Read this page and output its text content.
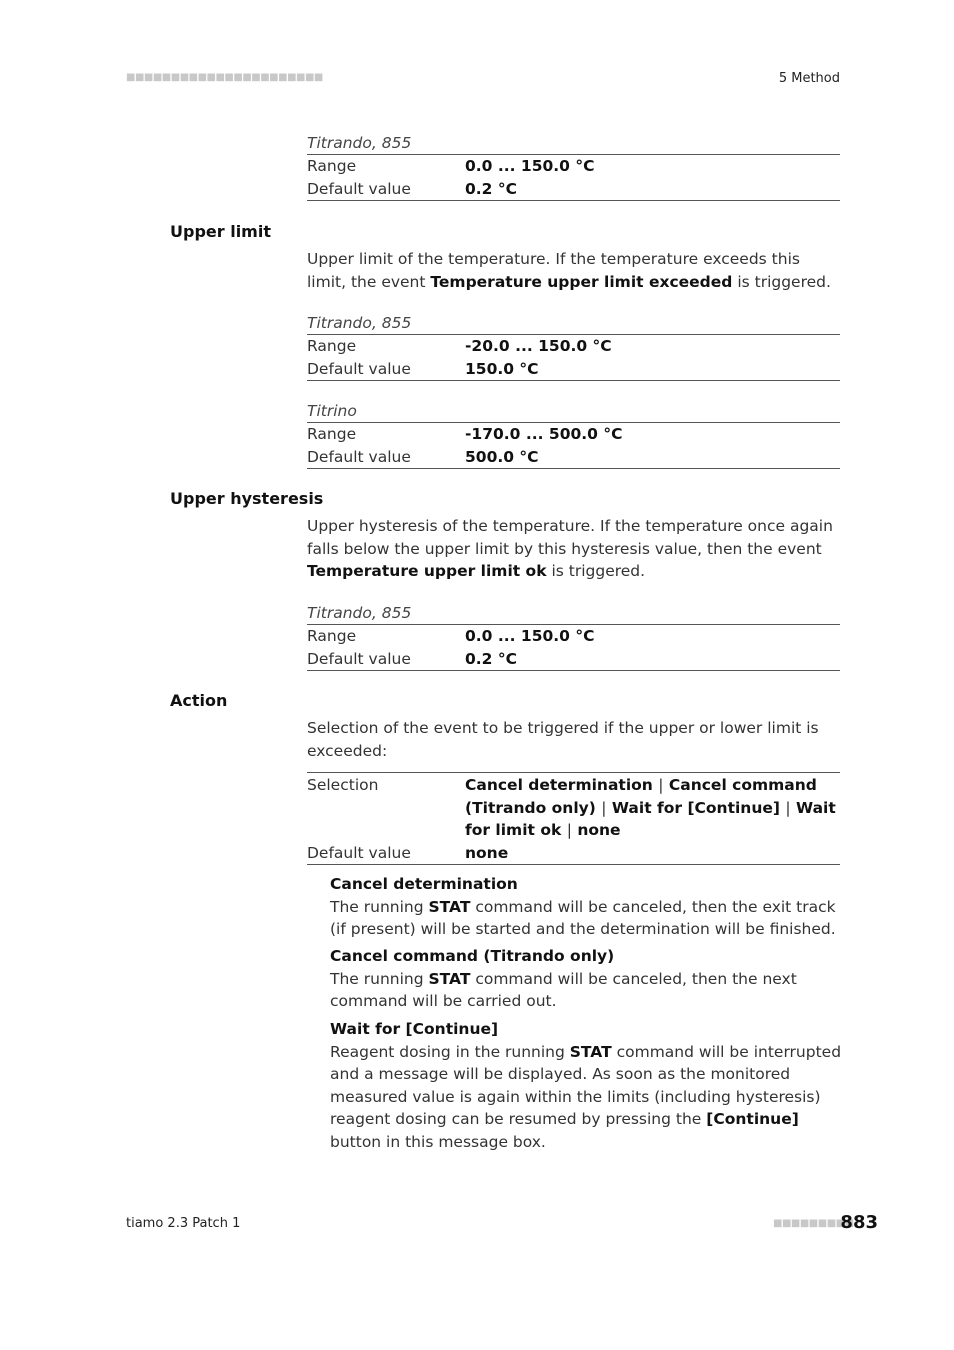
■■■■■■■■■■■■■■■■■■■■■■	5 Method
Titrando, 855
Range	0.0 ... 150.0 °C
Default value	0.2 °C
Upper limit
Upper limit of the temperature. If the temperature exceeds this limit, the event Temperature upper limit exceeded is triggered.
Titrando, 855
Range	-20.0 ... 150.0 °C
Default value	150.0 °C
Titrino
Range	-170.0 ... 500.0 °C
Default value	500.0 °C
Upper hysteresis
Upper hysteresis of the temperature. If the temperature once again falls below the upper limit by this hysteresis value, then the event Temperature upper limit ok is triggered.
Titrando, 855
Range	0.0 ... 150.0 °C
Default value	0.2 °C
Action
Selection of the event to be triggered if the upper or lower limit is exceeded:
Selection	Cancel determination | Cancel command (Titrando only) | Wait for [Continue] | Wait for limit ok | none
Default value	none
Cancel determination
The running STAT command will be canceled, then the exit track (if present) will be started and the determination will be finished.
Cancel command (Titrando only)
The running STAT command will be canceled, then the next command will be carried out.
Wait for [Continue]
Reagent dosing in the running STAT command will be interrupted and a message will be displayed. As soon as the monitored measured value is again within the limits (including hysteresis) reagent dosing can be resumed by pressing the [Continue] button in this message box.
tiamo 2.3 Patch 1	■■■■■■■■■
883
